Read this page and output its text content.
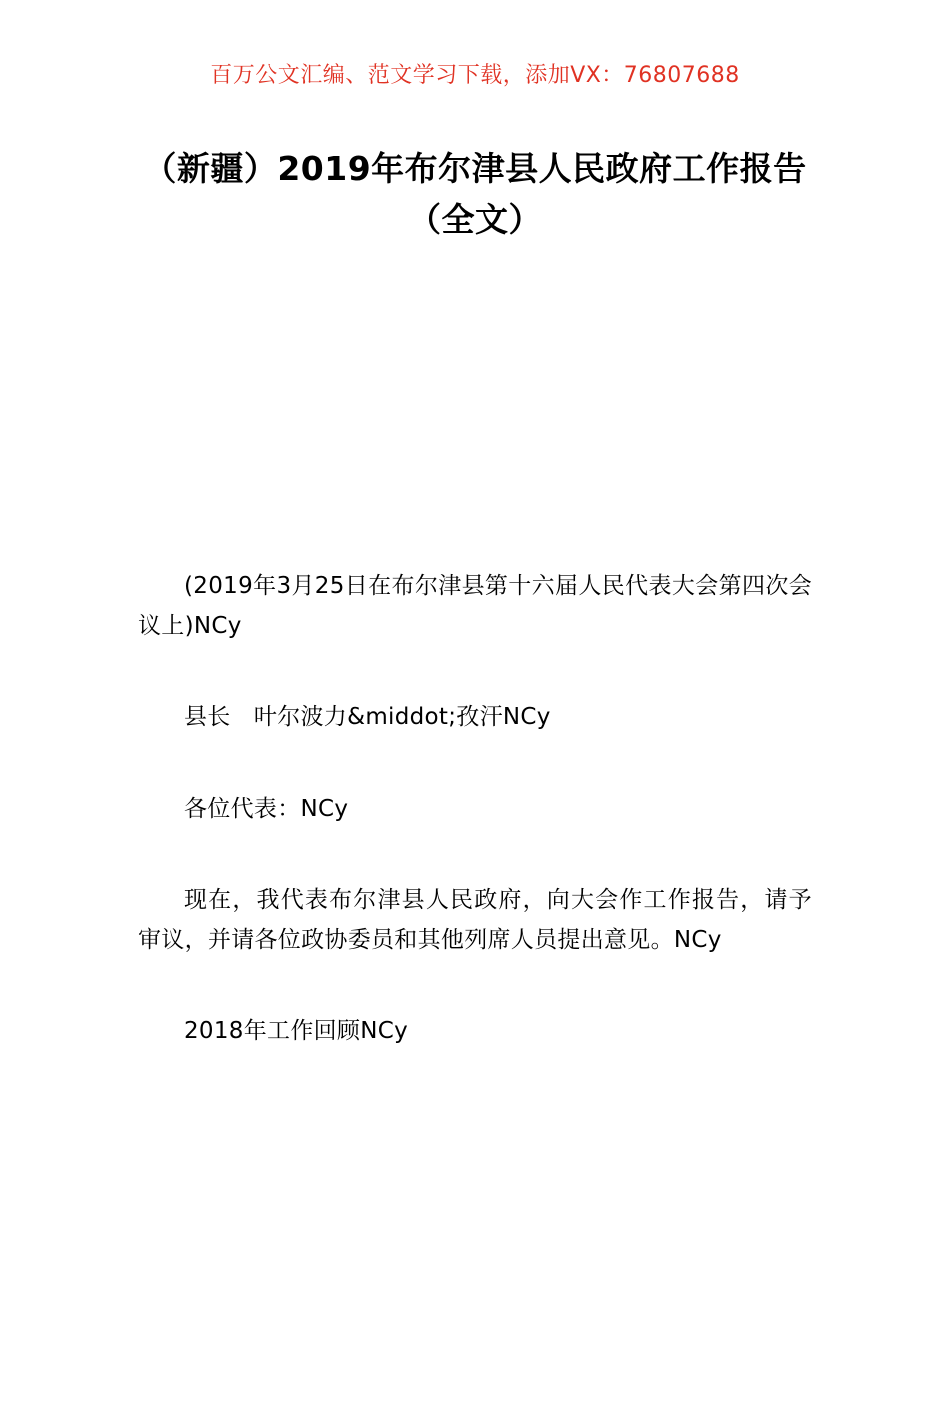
百万公文汇编、范文学习下载，添加VX：76807688
（新疆）2019年布尔津县人民政府工作报告（全文）

(2019年3月25日在布尔津县第十六届人民代表大会第四次会议上)NCy

县长　叶尔波力&middot;孜汗NCy

各位代表：NCy

现在，我代表布尔津县人民政府，向大会作工作报告，请予审议，并请各位政协委员和其他列席人员提出意见。NCy

2018年工作回顾NCy
